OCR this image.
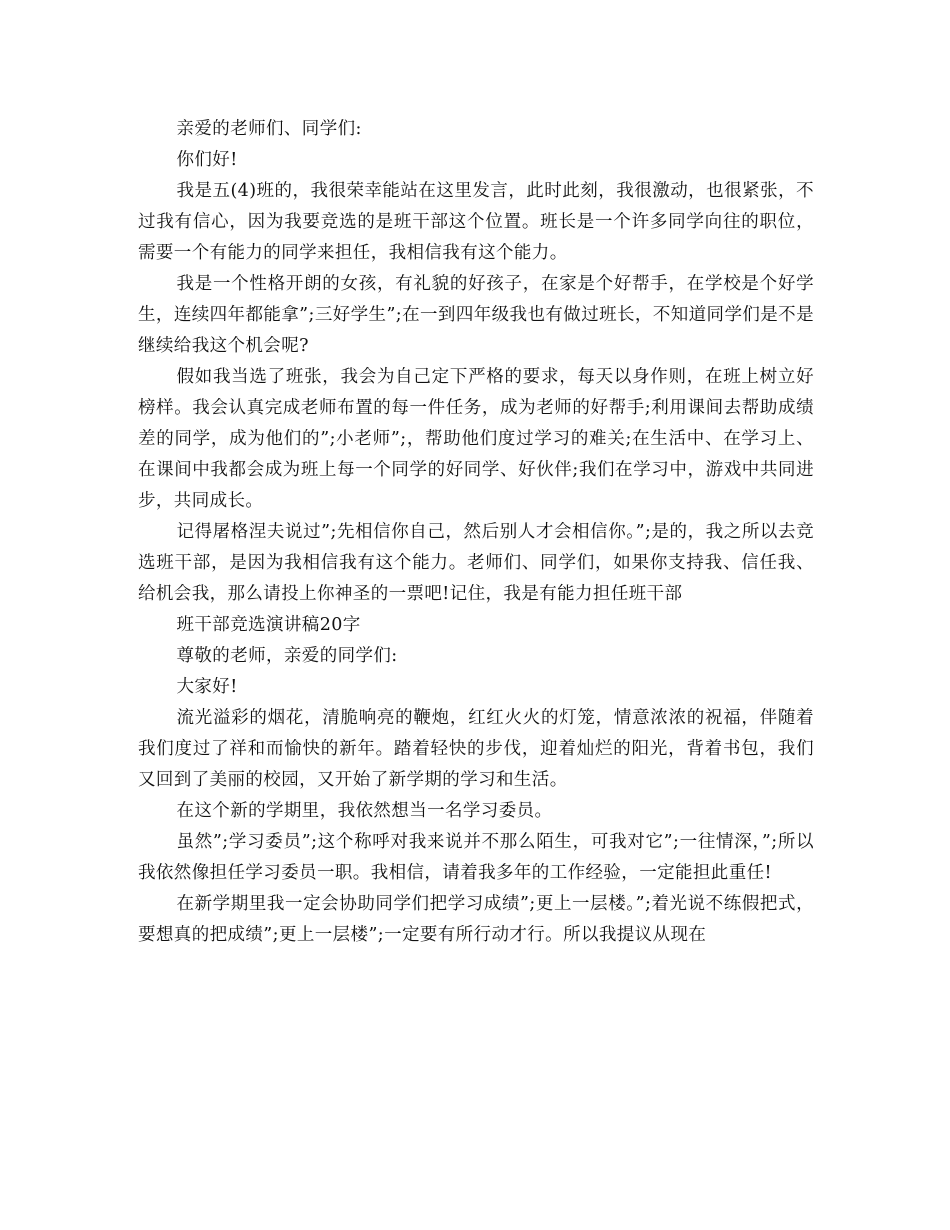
亲爱的老师们、同学们:

你们好!

我是五(4)班的，我很荣幸能站在这里发言，此时此刻，我很激动，也很紧张，不过我有信心，因为我要竞选的是班干部这个位置。班长是一个许多同学向往的职位，需要一个有能力的同学来担任，我相信我有这个能力。

我是一个性格开朗的女孩，有礼貌的好孩子，在家是个好帮手，在学校是个好学生，连续四年都能拿”;三好学生”;在一到四年级我也有做过班长，不知道同学们是不是继续给我这个机会呢?

假如我当选了班张，我会为自己定下严格的要求，每天以身作则，在班上树立好榜样。我会认真完成老师布置的每一件任务，成为老师的好帮手;利用课间去帮助成绩差的同学，成为他们的”;小老师”;，帮助他们度过学习的难关;在生活中、在学习上、在课间中我都会成为班上每一个同学的好同学、好伙伴;我们在学习中，游戏中共同进步，共同成长。

记得屠格涅夫说过”;先相信你自己，然后别人才会相信你。”;是的，我之所以去竞选班干部，是因为我相信我有这个能力。老师们、同学们，如果你支持我、信任我、给机会我，那么请投上你神圣的一票吧!记住，我是有能力担任班干部

班干部竞选演讲稿20字

尊敬的老师，亲爱的同学们:

大家好!

流光溢彩的烟花，清脆响亮的鞭炮，红红火火的灯笼，情意浓浓的祝福，伴随着我们度过了祥和而愉快的新年。踏着轻快的步伐，迎着灿烂的阳光，背着书包，我们又回到了美丽的校园，又开始了新学期的学习和生活。

在这个新的学期里，我依然想当一名学习委员。

虽然”;学习委员”;这个称呼对我来说并不那么陌生，可我对它”;一往情深，”;所以我依然像担任学习委员一职。我相信，请着我多年的工作经验，一定能担此重任!

在新学期里我一定会协助同学们把学习成绩”;更上一层楼。”;着光说不练假把式，要想真的把成绩”;更上一层楼”;一定要有所行动才行。所以我提议从现在
